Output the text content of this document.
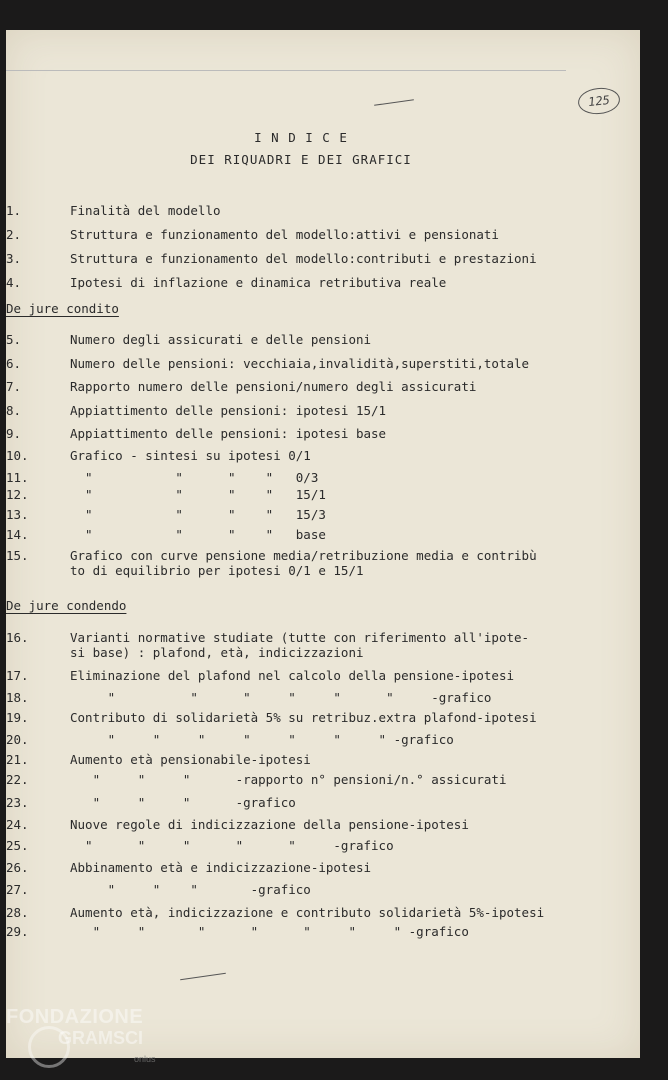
125
I N D I C E
DEI RIQUADRI E DEI GRAFICI
1.	Finalità del modello
2.	Struttura e funzionamento del modello:attivi e pensionati
3.	Struttura e funzionamento del modello:contributi e prestazioni
4.	Ipotesi di inflazione e dinamica retributiva reale
De jure condito
5.	Numero degli assicurati e delle pensioni
6.	Numero delle pensioni: vecchiaia,invalidità,superstiti,totale
7.	Rapporto numero delle pensioni/numero degli assicurati
8.	Appiattimento delle pensioni: ipotesi 15/1
9.	Appiattimento delle pensioni: ipotesi base
10.	Grafico - sintesi su ipotesi 0/1
11.	"           "      "    "   0/3
12.	"           "      "    "   15/1
13.	"           "      "    "   15/3
14.	"           "      "    "   base
15.	Grafico con curve pensione media/retribuzione media e contribù
to di equilibrio per ipotesi 0/1 e 15/1
De jure condendo
16.	Varianti normative studiate (tutte con riferimento all'ipote-
si base) : plafond, età, indicizzazioni
17.	Eliminazione del plafond nel calcolo della pensione-ipotesi
18.	"          "      "     "     "      "     -grafico
19.	Contributo di solidarietà 5% su retribuz.extra plafond-ipotesi
20.	"     "     "     "     "     "     " -grafico
21.	Aumento età pensionabile-ipotesi
22.	"     "     "      -rapporto n° pensioni/n.° assicurati
23.	"     "     "      -grafico
24.	Nuove regole di indicizzazione della pensione-ipotesi
25.	"      "     "      "      "     -grafico
26.	Abbinamento età e indicizzazione-ipotesi
27.	"     "    "       -grafico
28.	Aumento età, indicizzazione e contributo solidarietà 5%-ipotesi
29.	"     "       "      "      "     "     " -grafico
FONDAZIONE
GRAMSCI
onlus
